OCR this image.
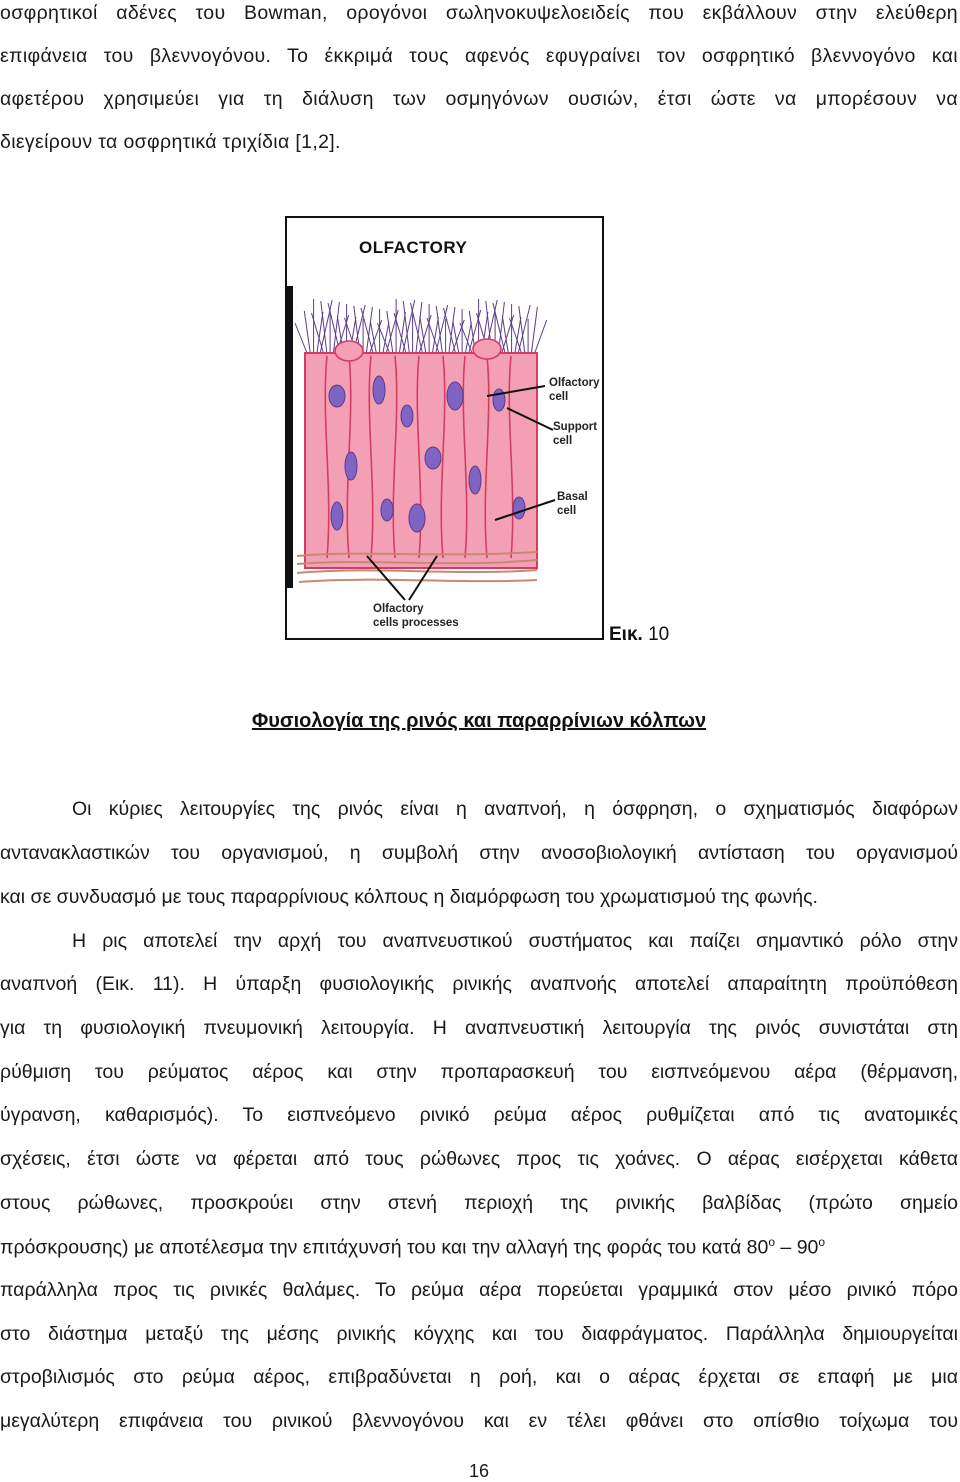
οσφρητικοί αδένες του Bowman, ορογόνοι σωληνοκυψελοειδείς που εκβάλλουν στην ελεύθερη
επιφάνεια του βλεννογόνου. Το έκκριμά τους αφενός εφυγραίνει τον οσφρητικό βλεννογόνο και
αφετέρου χρησιμεύει για τη διάλυση των οσμηγόνων ουσιών, έτσι ώστε να μπορέσουν να
διεγείρουν τα οσφρητικά τριχίδια [1,2].
OLFACTORY
Olfactory
cell
Support
cell
Basal
cell
Olfactory
cells processes
Εικ. 10
Φυσιολογία της ρινός και παραρρίνιων κόλπων
Οι κύριες λειτουργίες της ρινός είναι η αναπνοή, η όσφρηση, ο σχηματισμός διαφόρων
αντανακλαστικών του οργανισμού, η συμβολή στην ανοσοβιολογική αντίσταση του οργανισμού
και σε συνδυασμό με τους παραρρίνιους κόλπους η διαμόρφωση του χρωματισμού της φωνής.
Η ρις αποτελεί την αρχή του αναπνευστικού συστήματος και παίζει σημαντικό ρόλο στην
αναπνοή (Εικ. 11). Η ύπαρξη φυσιολογικής ρινικής αναπνοής αποτελεί απαραίτητη προϋπόθεση
για τη φυσιολογική πνευμονική λειτουργία. Η αναπνευστική λειτουργία της ρινός συνιστάται στη
ρύθμιση του ρεύματος αέρος και στην προπαρασκευή του εισπνεόμενου αέρα (θέρμανση,
ύγρανση, καθαρισμός). Το εισπνεόμενο ρινικό ρεύμα αέρος ρυθμίζεται από τις ανατομικές
σχέσεις, έτσι ώστε να φέρεται από τους ρώθωνες προς τις χοάνες. Ο αέρας εισέρχεται κάθετα
στους ρώθωνες, προσκρούει στην στενή περιοχή της ρινικής βαλβίδας (πρώτο σημείο
πρόσκρουσης) με αποτέλεσμα την επιτάχυνσή του και την αλλαγή της φοράς του κατά 80$^o$ – 90$^o$
παράλληλα προς τις ρινικές θαλάμες. Το ρεύμα αέρα πορεύεται γραμμικά στον μέσο ρινικό πόρο
στο διάστημα μεταξύ της μέσης ρινικής κόγχης και του διαφράγματος. Παράλληλα δημιουργείται
στροβιλισμός στο ρεύμα αέρος, επιβραδύνεται η ροή, και ο αέρας έρχεται σε επαφή με μια
μεγαλύτερη επιφάνεια του ρινικού βλεννογόνου και εν τέλει φθάνει στο οπίσθιο τοίχωμα του
16
